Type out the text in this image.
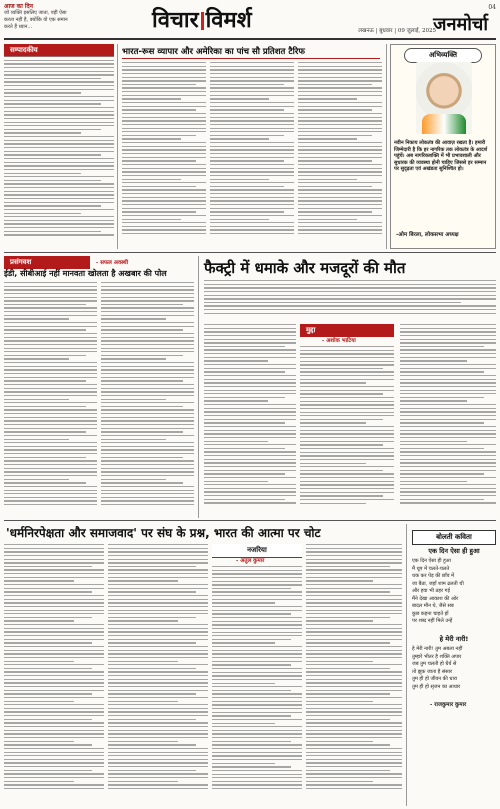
आज का दिन
जो व्यक्ति इसलिए जाता, वहीं ऐसा
करता नहीं है, क्योंकि वो एक समान
करते हैं ध्यान...	विचार विमर्श	लखनऊ | बुधवार | 09 जुलाई, 2025
जनमोर्चा
04
सम्पादकीय	भारत-रूस व्यापार और अमेरिका का पांच सौ प्रतिशत टैरिफ	अभिव्यक्ति
नवीन निकाय लोकतंत्र की आवाज़ रखता है। हमारी जिम्मेदारी है कि हर नागरिक तक लोकतंत्र के आदर्श पहुंचें। अब नागरिकशक्ति में भी प्रभावशाली और सुधारक की व्यवस्था होनी चाहिए जिससे हर सम्मान पर सुदृढ़ता एवं अखंडता सुनिश्चित हो।
-ओम बिरला, लोकसभा अध्यक्ष
प्रसंगवश	- सफल अवस्थी
ईडी, सीबीआई नहीं मानवता खोलता है अखबार की पोल	फैक्ट्री में धमाके और मजदूरों की मौत
मुद्दा
- अशोक भाटिया
'धर्मनिरपेक्षता और समाजवाद' पर संघ के प्रश्न, भारत की आत्मा पर चोट
नजरिया
- अतुल कुमार
बोलती कविता
एक दिन ऐसा ही हुआ
एक दिन ऐसा ही हुआ
मैं धूप में चलते-चलते
थक कर पेड़ की छाँव में
जा बैठा, जहाँ शाम ढलती थी
और हवा भी ठहर गई
मैंने देखा आकाश की ओर
बादल मौन थे, जैसे सब
कुछ कहना चाहते हों
पर शब्द नहीं मिले उन्हें
हे मेरी नारी!
हे मेरी नारी! तुम अबला नहीं
तुम्हारे भीतर है शक्ति अपार
जब तुम चलती हो धैर्य से
तो झुक जाता है संसार
तुम ही हो जीवन की धारा
तुम ही हो सृजन का आधार
- राजकुमार कुमार
